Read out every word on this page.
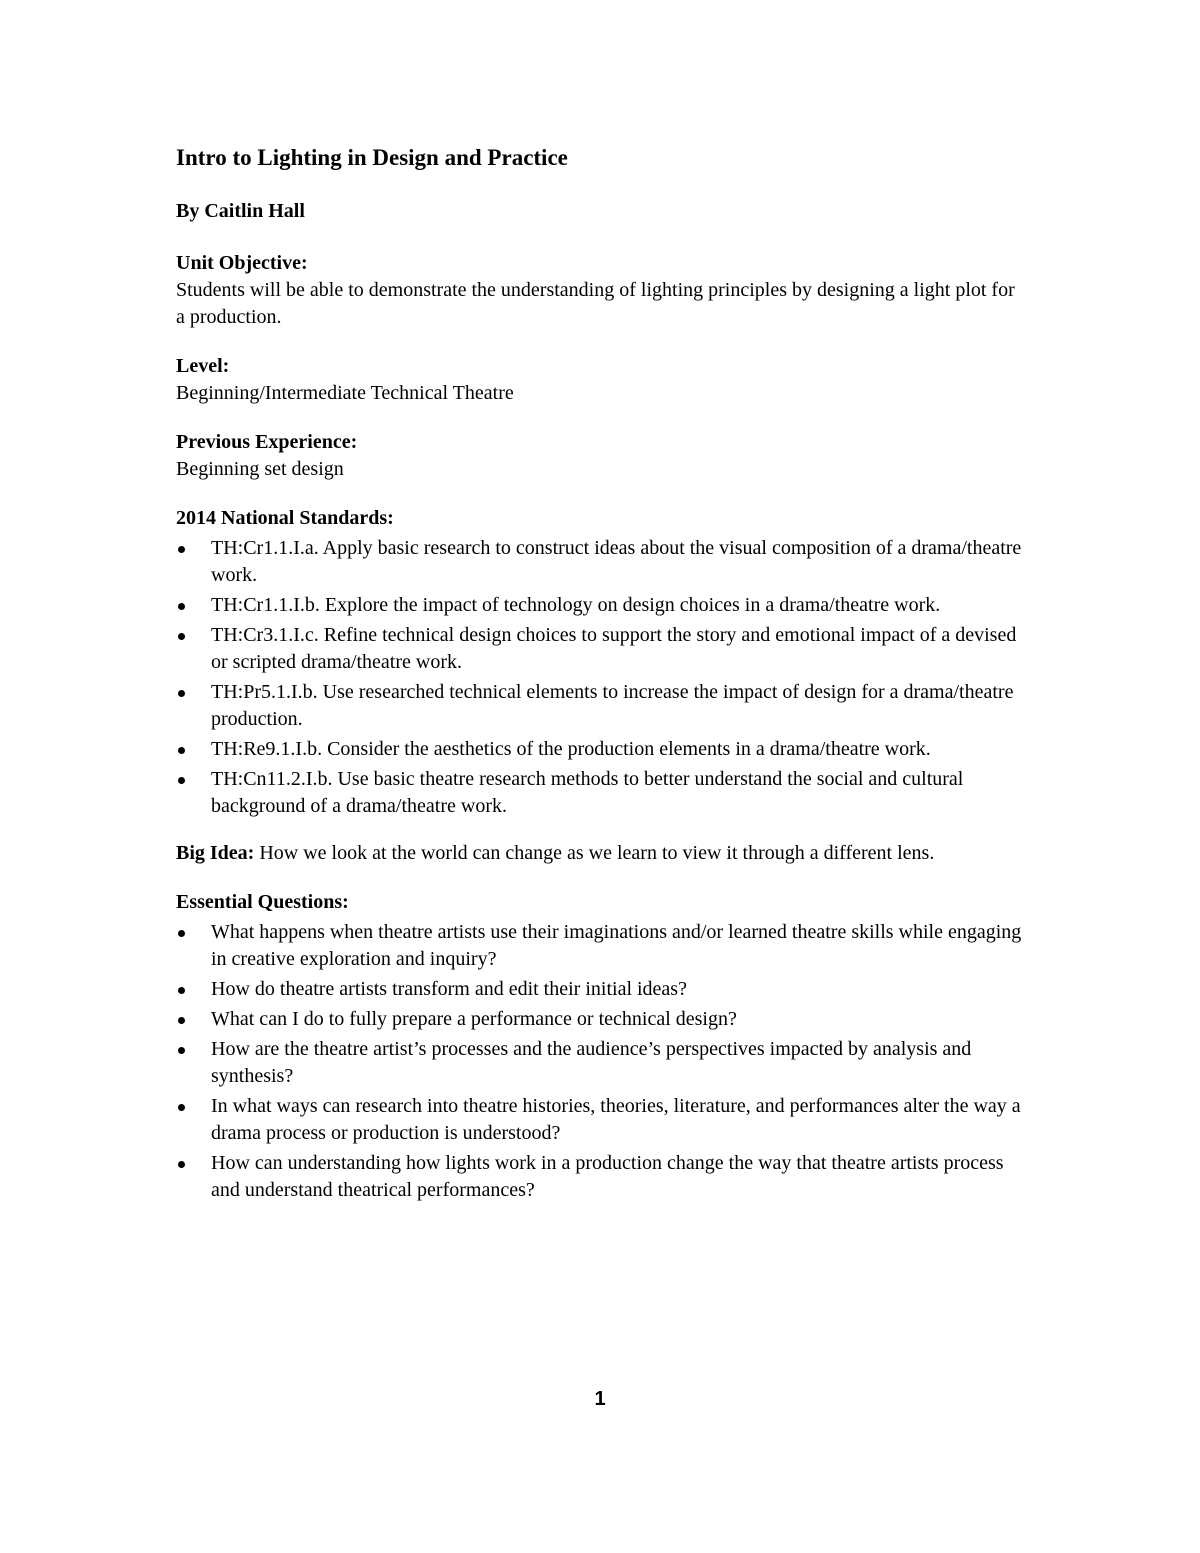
Intro to Lighting in Design and Practice
By Caitlin Hall
Unit Objective:
Students will be able to demonstrate the understanding of lighting principles by designing a light plot for a production.
Level:
Beginning/Intermediate Technical Theatre
Previous Experience:
Beginning set design
2014 National Standards:
TH:Cr1.1.I.a. Apply basic research to construct ideas about the visual composition of a drama/theatre work.
TH:Cr1.1.I.b. Explore the impact of technology on design choices in a drama/theatre work.
TH:Cr3.1.I.c. Refine technical design choices to support the story and emotional impact of a devised or scripted drama/theatre work.
TH:Pr5.1.I.b. Use researched technical elements to increase the impact of design for a drama/theatre production.
TH:Re9.1.I.b. Consider the aesthetics of the production elements in a drama/theatre work.
TH:Cn11.2.I.b. Use basic theatre research methods to better understand the social and cultural background of a drama/theatre work.
Big Idea: How we look at the world can change as we learn to view it through a different lens.
Essential Questions:
What happens when theatre artists use their imaginations and/or learned theatre skills while engaging in creative exploration and inquiry?
How do theatre artists transform and edit their initial ideas?
What can I do to fully prepare a performance or technical design?
How are the theatre artist’s processes and the audience’s perspectives impacted by analysis and synthesis?
In what ways can research into theatre histories, theories, literature, and performances alter the way a drama process or production is understood?
How can understanding how lights work in a production change the way that theatre artists process and understand theatrical performances?
1
